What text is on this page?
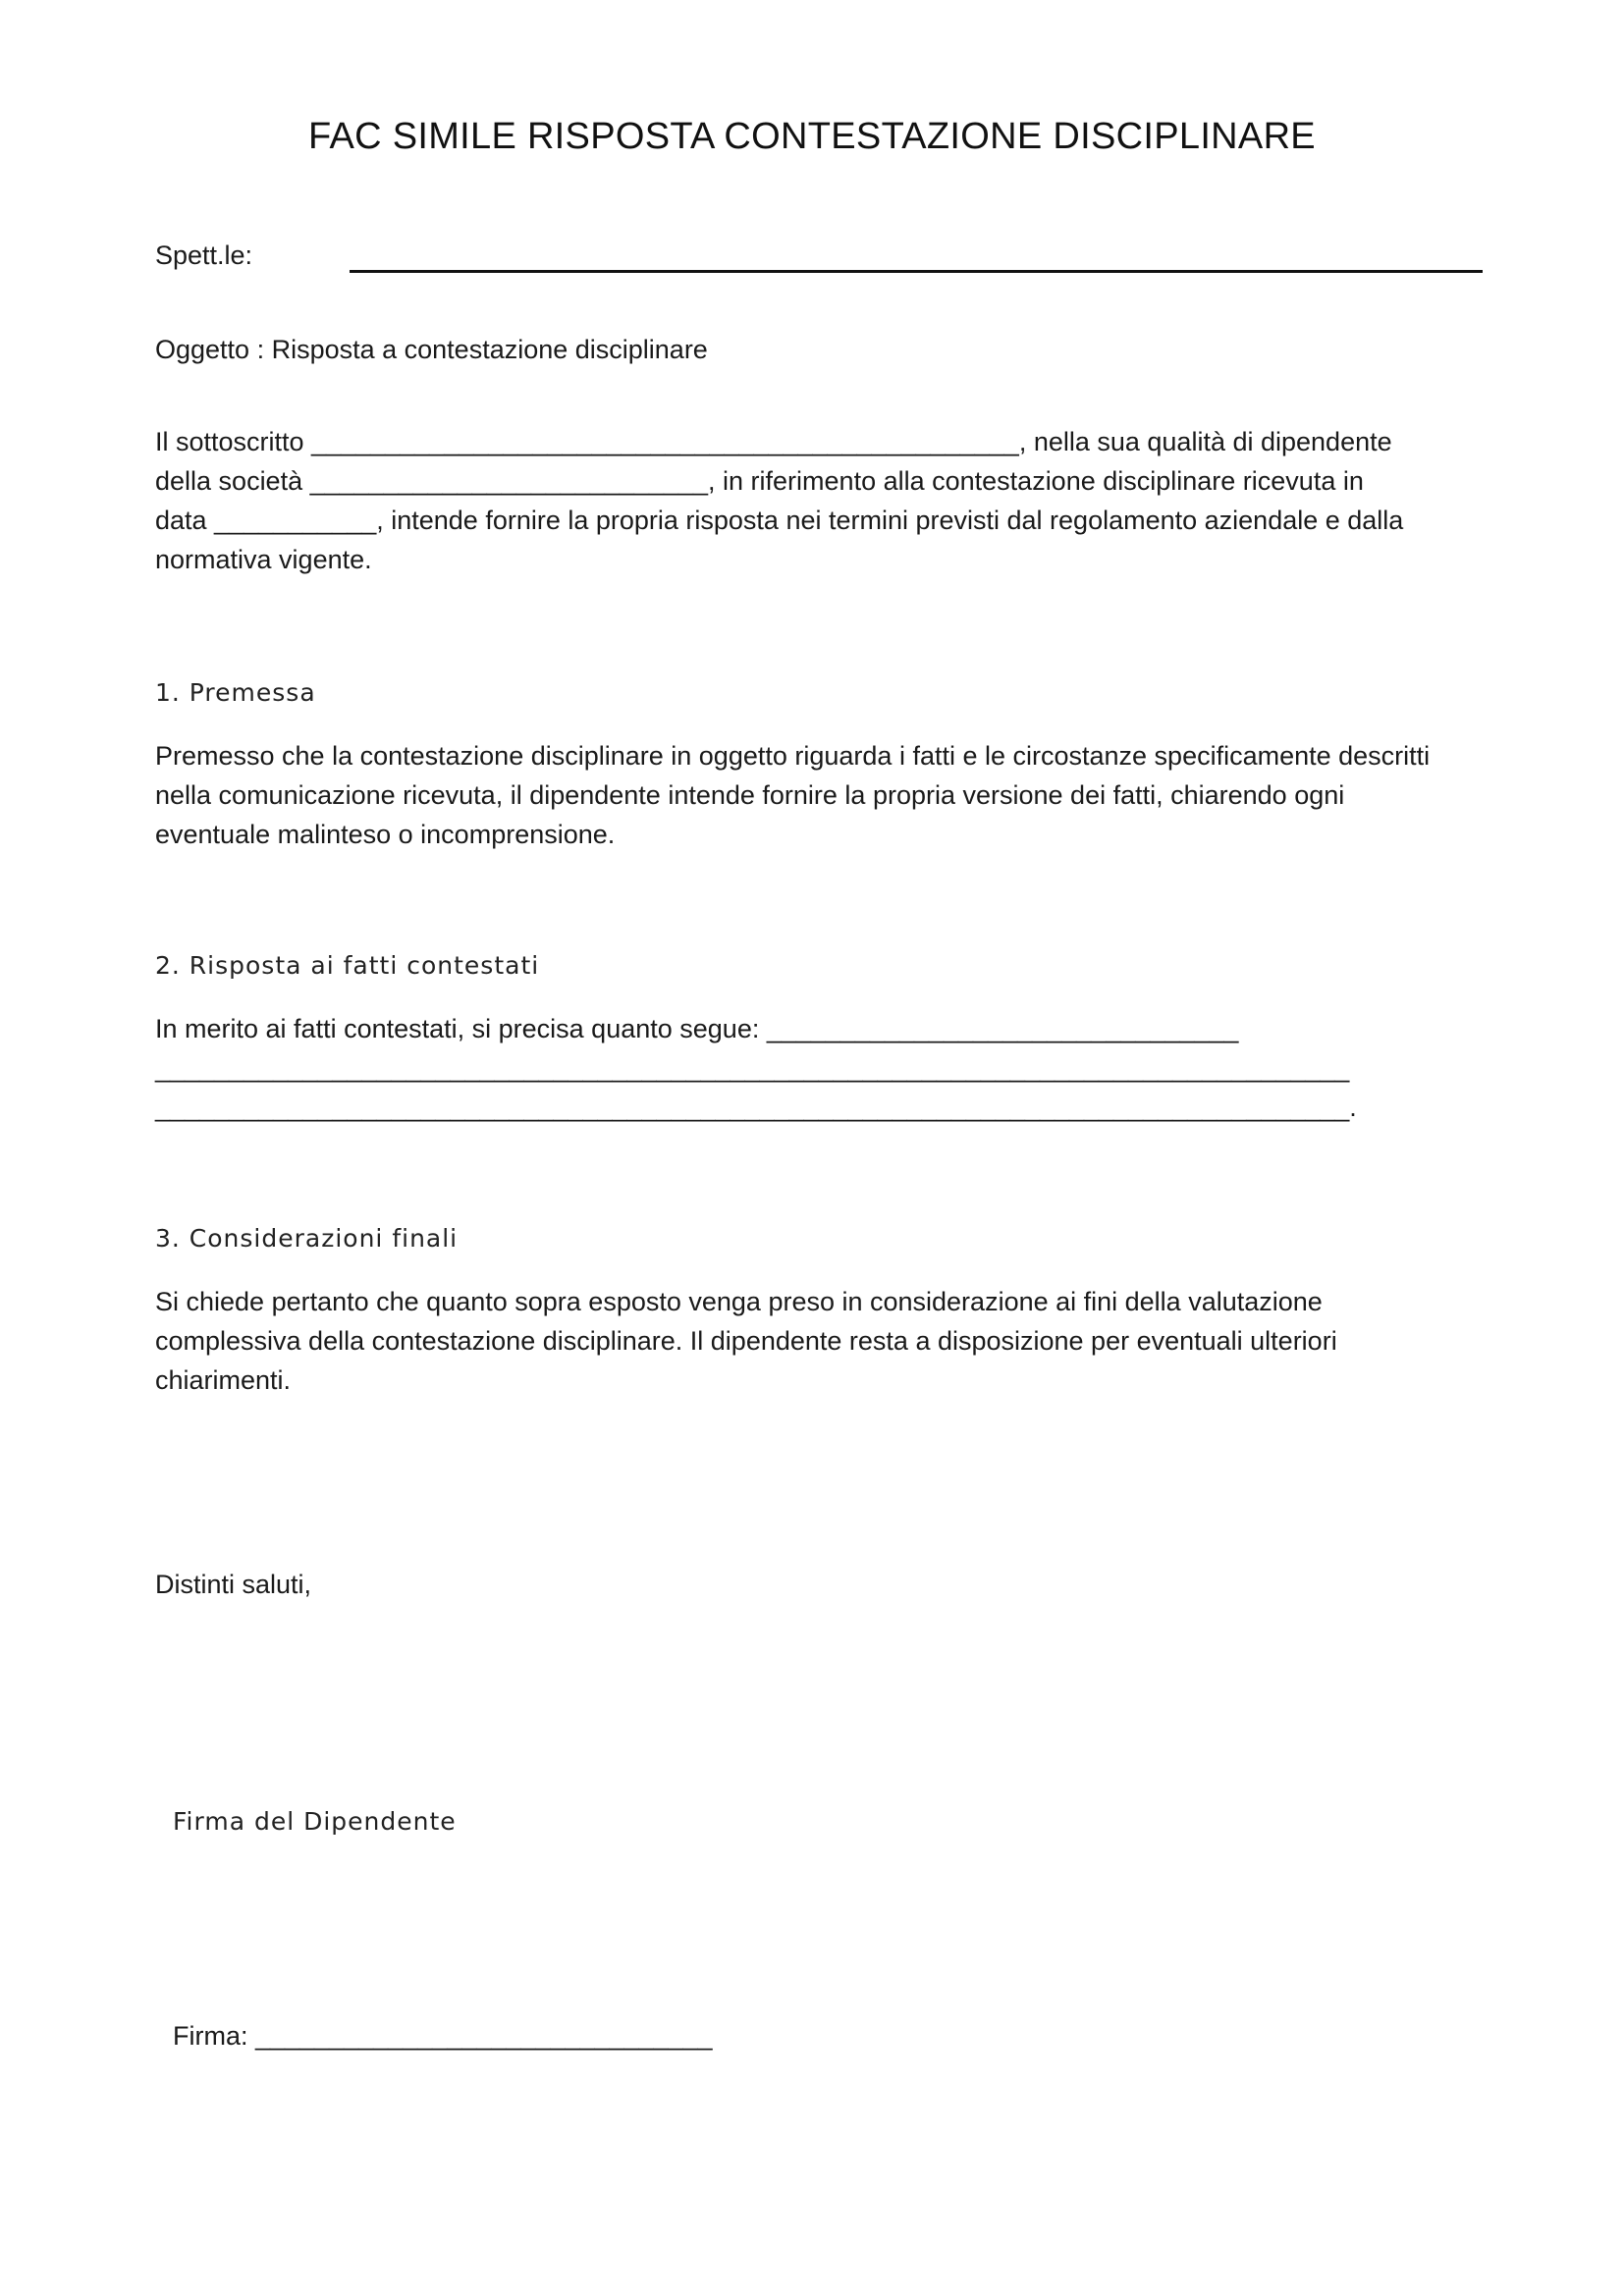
FAC SIMILE RISPOSTA CONTESTAZIONE DISCIPLINARE
Spett.le:
Oggetto : Risposta a contestazione disciplinare
Il sottoscritto ________________________________________________, nella sua qualità di dipendente
della società ___________________________, in riferimento alla contestazione disciplinare ricevuta in
data ___________, intende fornire la propria risposta nei termini previsti dal regolamento aziendale e dalla
normativa vigente.
1. Premessa
Premesso che la contestazione disciplinare in oggetto riguarda i fatti e le circostanze specificamente descritti
nella comunicazione ricevuta, il dipendente intende fornire la propria versione dei fatti, chiarendo ogni
eventuale malinteso o incomprensione.
2. Risposta ai fatti contestati
In merito ai fatti contestati, si precisa quanto segue: ________________________________
_________________________________________________________________________________
_________________________________________________________________________________.
3. Considerazioni finali
Si chiede pertanto che quanto sopra esposto venga preso in considerazione ai fini della valutazione
complessiva della contestazione disciplinare. Il dipendente resta a disposizione per eventuali ulteriori
chiarimenti.
Distinti saluti,
Firma del Dipendente
Firma: _______________________________
